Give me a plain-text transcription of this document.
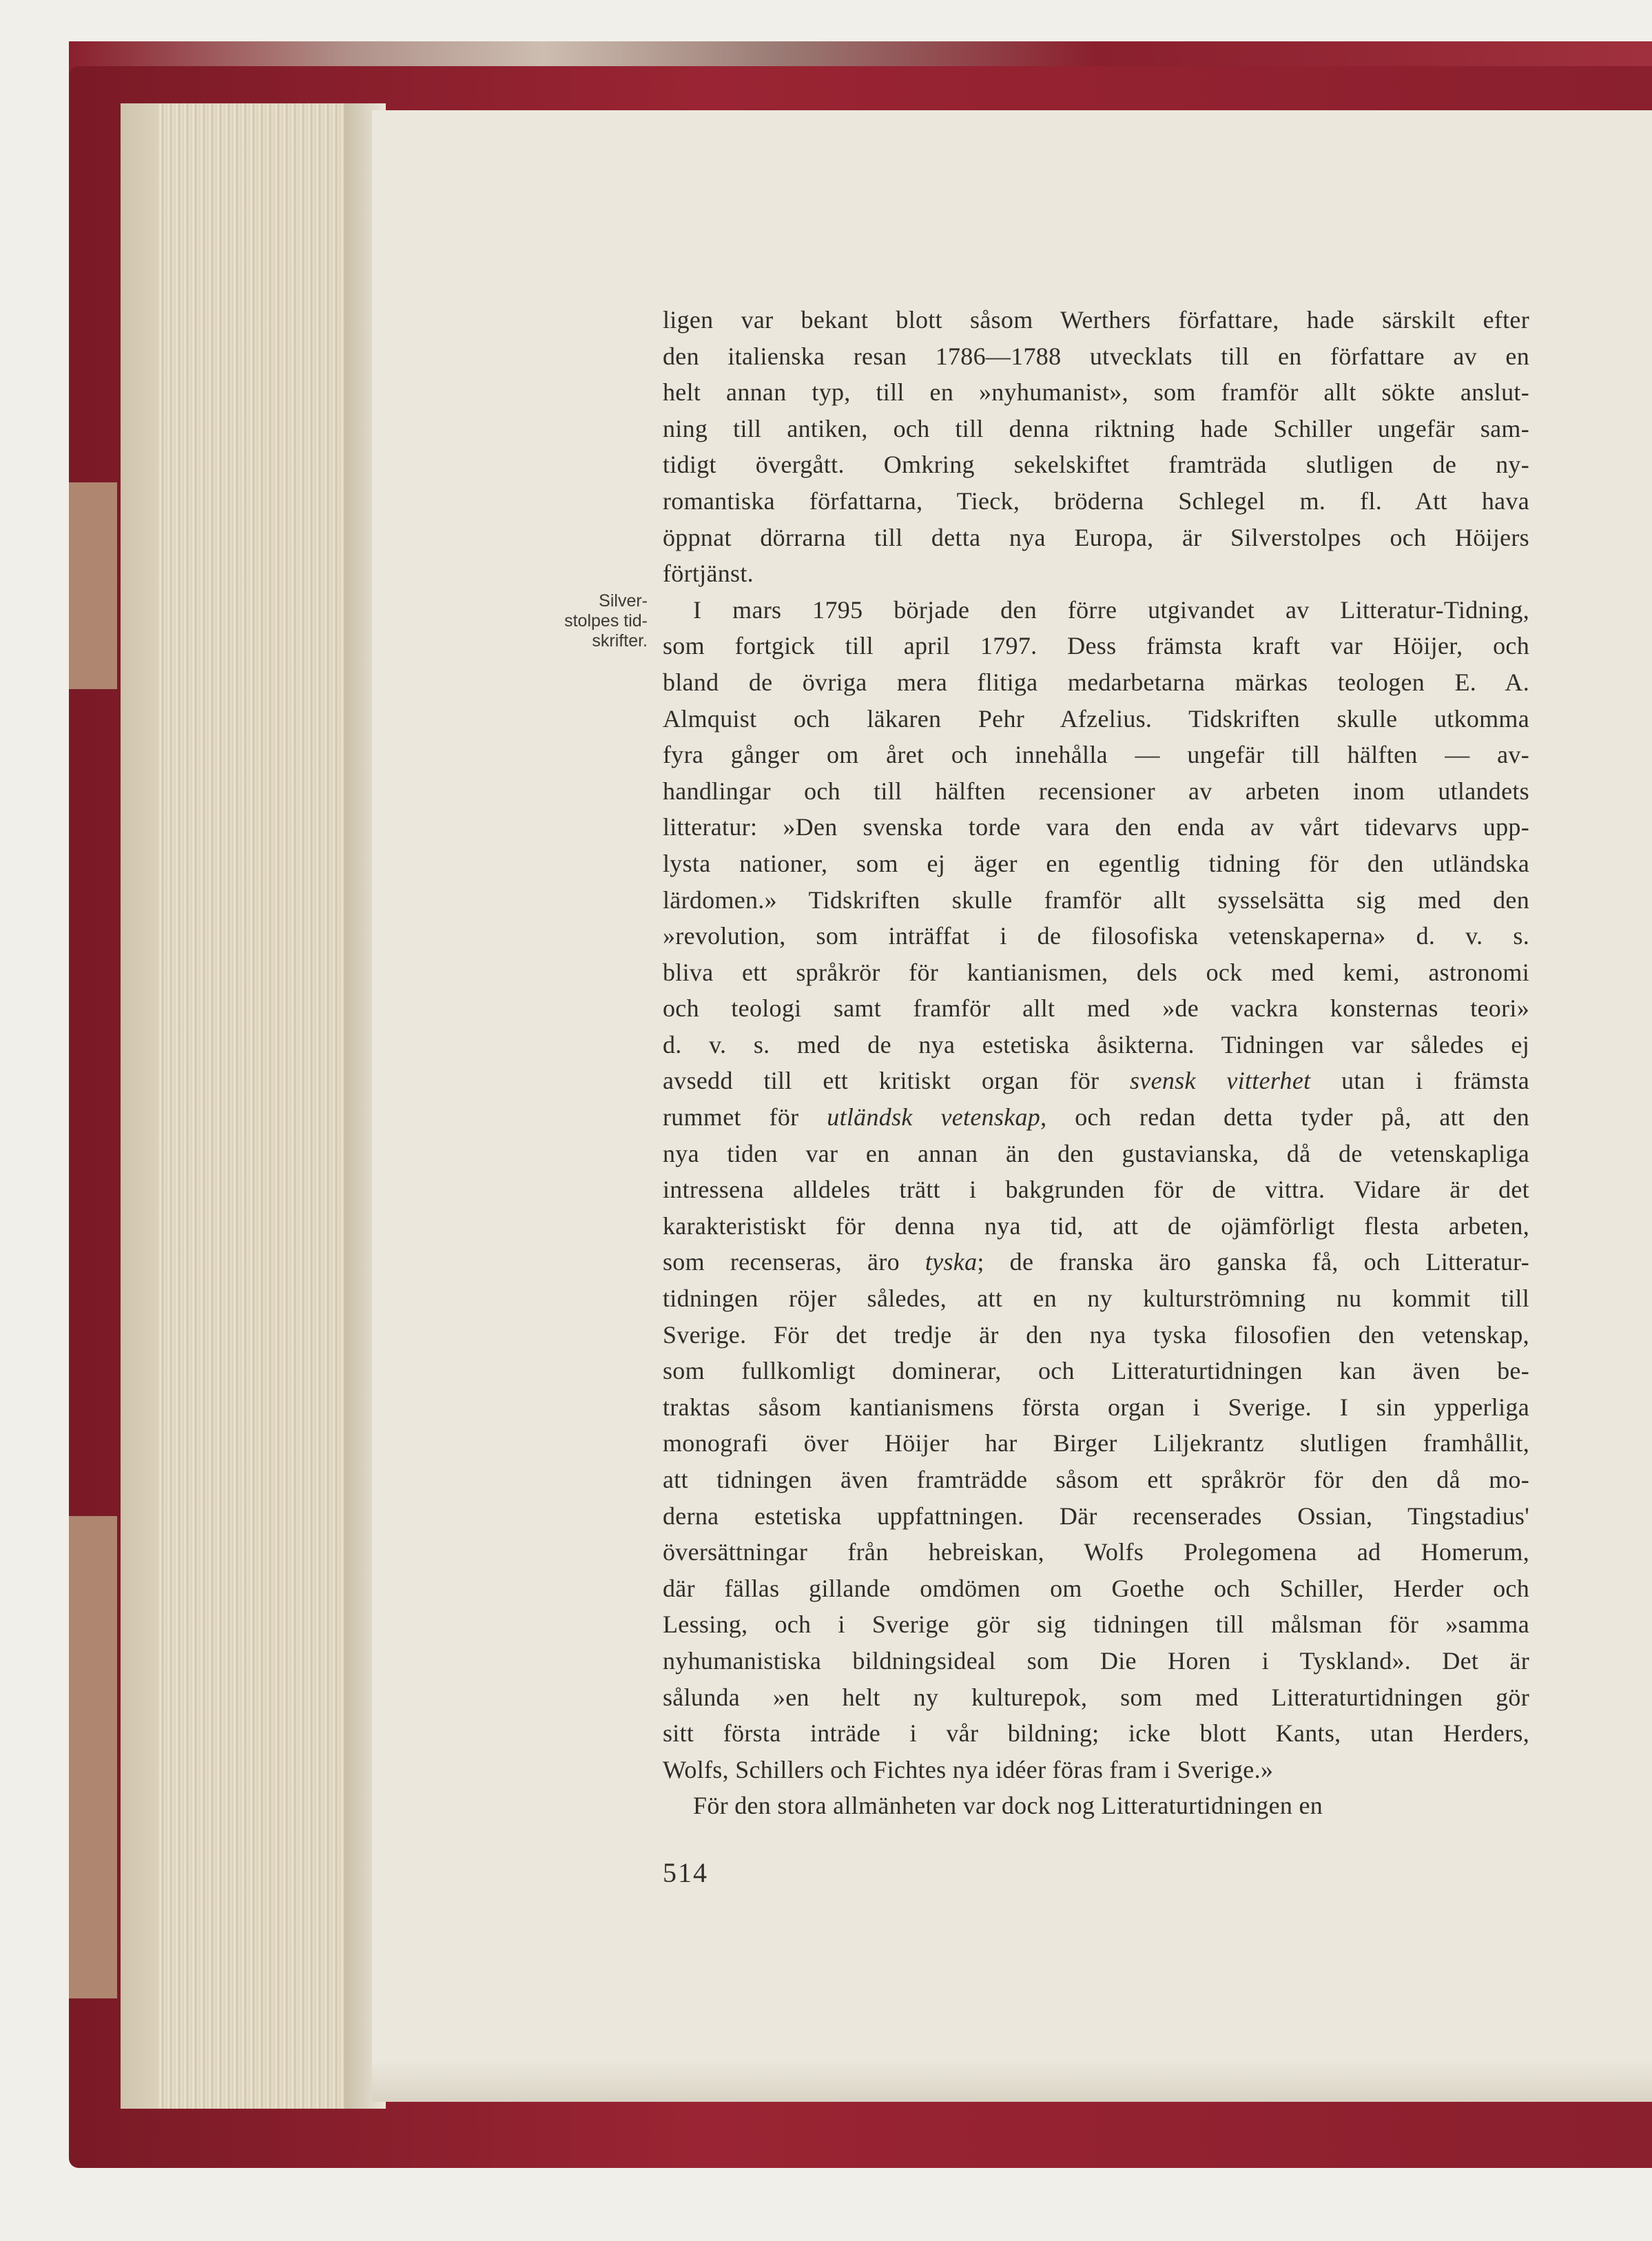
Silver-
stolpes tid-
skrifter.
ligen var bekant blott såsom Werthers författare, hade särskilt efter
den italienska resan 1786—1788 utvecklats till en författare av en
helt annan typ, till en »nyhumanist», som framför allt sökte anslut-
ning till antiken, och till denna riktning hade Schiller ungefär sam-
tidigt övergått. Omkring sekelskiftet framträda slutligen de ny-
romantiska författarna, Tieck, bröderna Schlegel m. fl. Att hava
öppnat dörrarna till detta nya Europa, är Silverstolpes och Höijers
förtjänst.
I mars 1795 började den förre utgivandet av Litteratur-Tidning,
som fortgick till april 1797. Dess främsta kraft var Höijer, och
bland de övriga mera flitiga medarbetarna märkas teologen E. A.
Almquist och läkaren Pehr Afzelius. Tidskriften skulle utkomma
fyra gånger om året och innehålla — ungefär till hälften — av-
handlingar och till hälften recensioner av arbeten inom utlandets
litteratur: »Den svenska torde vara den enda av vårt tidevarvs upp-
lysta nationer, som ej äger en egentlig tidning för den utländska
lärdomen.» Tidskriften skulle framför allt sysselsätta sig med den
»revolution, som inträffat i de filosofiska vetenskaperna» d. v. s.
bliva ett språkrör för kantianismen, dels ock med kemi, astronomi
och teologi samt framför allt med »de vackra konsternas teori»
d. v. s. med de nya estetiska åsikterna. Tidningen var således ej
avsedd till ett kritiskt organ för svensk vitterhet utan i främsta
rummet för utländsk vetenskap, och redan detta tyder på, att den
nya tiden var en annan än den gustavianska, då de vetenskapliga
intressena alldeles trätt i bakgrunden för de vittra. Vidare är det
karakteristiskt för denna nya tid, att de ojämförligt flesta arbeten,
som recenseras, äro tyska; de franska äro ganska få, och Litteratur-
tidningen röjer således, att en ny kulturströmning nu kommit till
Sverige. För det tredje är den nya tyska filosofien den vetenskap,
som fullkomligt dominerar, och Litteraturtidningen kan även be-
traktas såsom kantianismens första organ i Sverige. I sin ypperliga
monografi över Höijer har Birger Liljekrantz slutligen framhållit,
att tidningen även framträdde såsom ett språkrör för den då mo-
derna estetiska uppfattningen. Där recenserades Ossian, Tingstadius'
översättningar från hebreiskan, Wolfs Prolegomena ad Homerum,
där fällas gillande omdömen om Goethe och Schiller, Herder och
Lessing, och i Sverige gör sig tidningen till målsman för »samma
nyhumanistiska bildningsideal som Die Horen i Tyskland». Det är
sålunda »en helt ny kulturepok, som med Litteraturtidningen gör
sitt första inträde i vår bildning; icke blott Kants, utan Herders,
Wolfs, Schillers och Fichtes nya idéer föras fram i Sverige.»
För den stora allmänheten var dock nog Litteraturtidningen en
514
